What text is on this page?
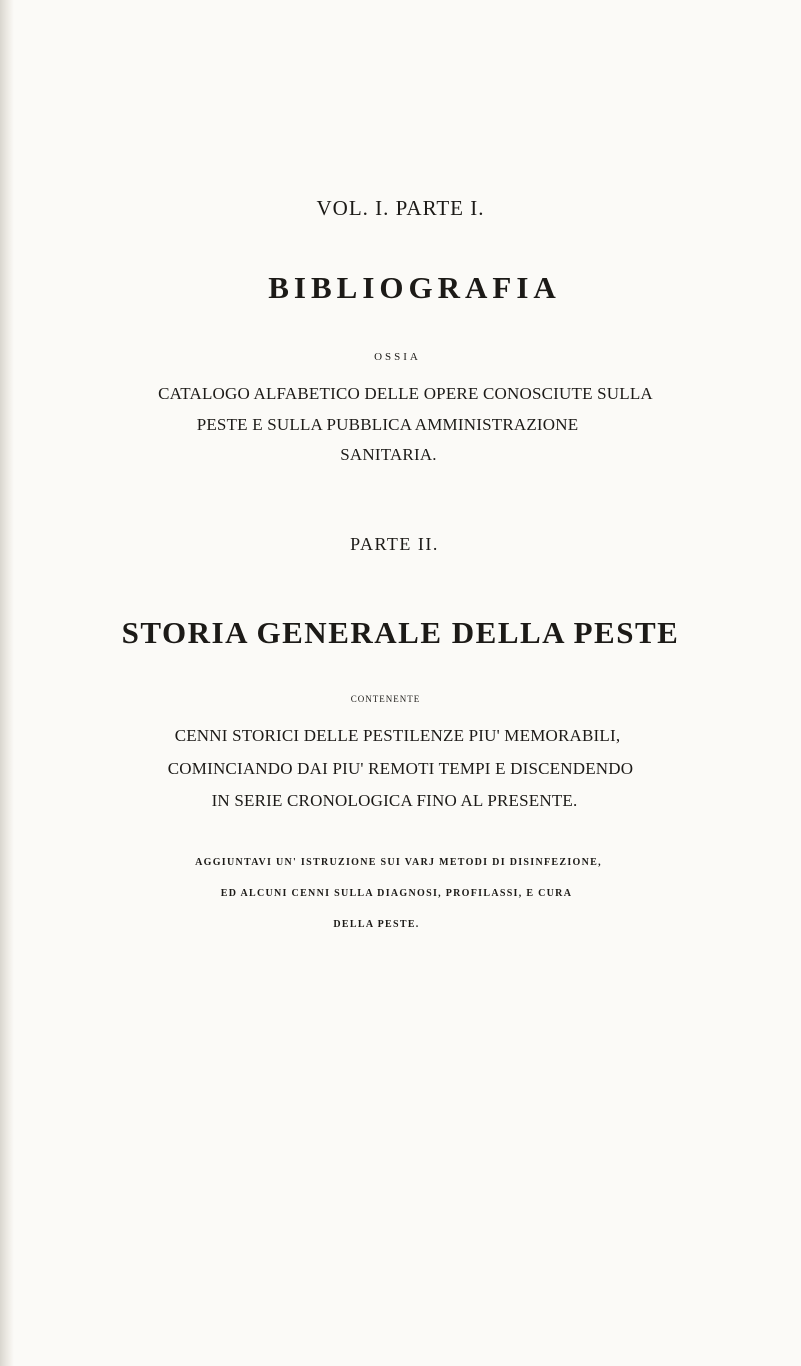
VOL. I. PARTE I.
BIBLIOGRAFIA
OSSIA
CATALOGO ALFABETICO DELLE OPERE CONOSCIUTE SULLA
PESTE E SULLA PUBBLICA AMMINISTRAZIONE
SANITARIA.
PARTE II.
STORIA GENERALE DELLA PESTE
CONTENENTE
CENNI STORICI DELLE PESTILENZE PIU' MEMORABILI,
COMINCIANDO DAI PIU' REMOTI TEMPI E DISCENDENDO
IN SERIE CRONOLOGICA FINO AL PRESENTE.
AGGIUNTAVI UN' ISTRUZIONE SUI VARJ METODI DI DISINFEZIONE,
ED ALCUNI CENNI SULLA DIAGNOSI, PROFILASSI, E CURA
DELLA PESTE.
